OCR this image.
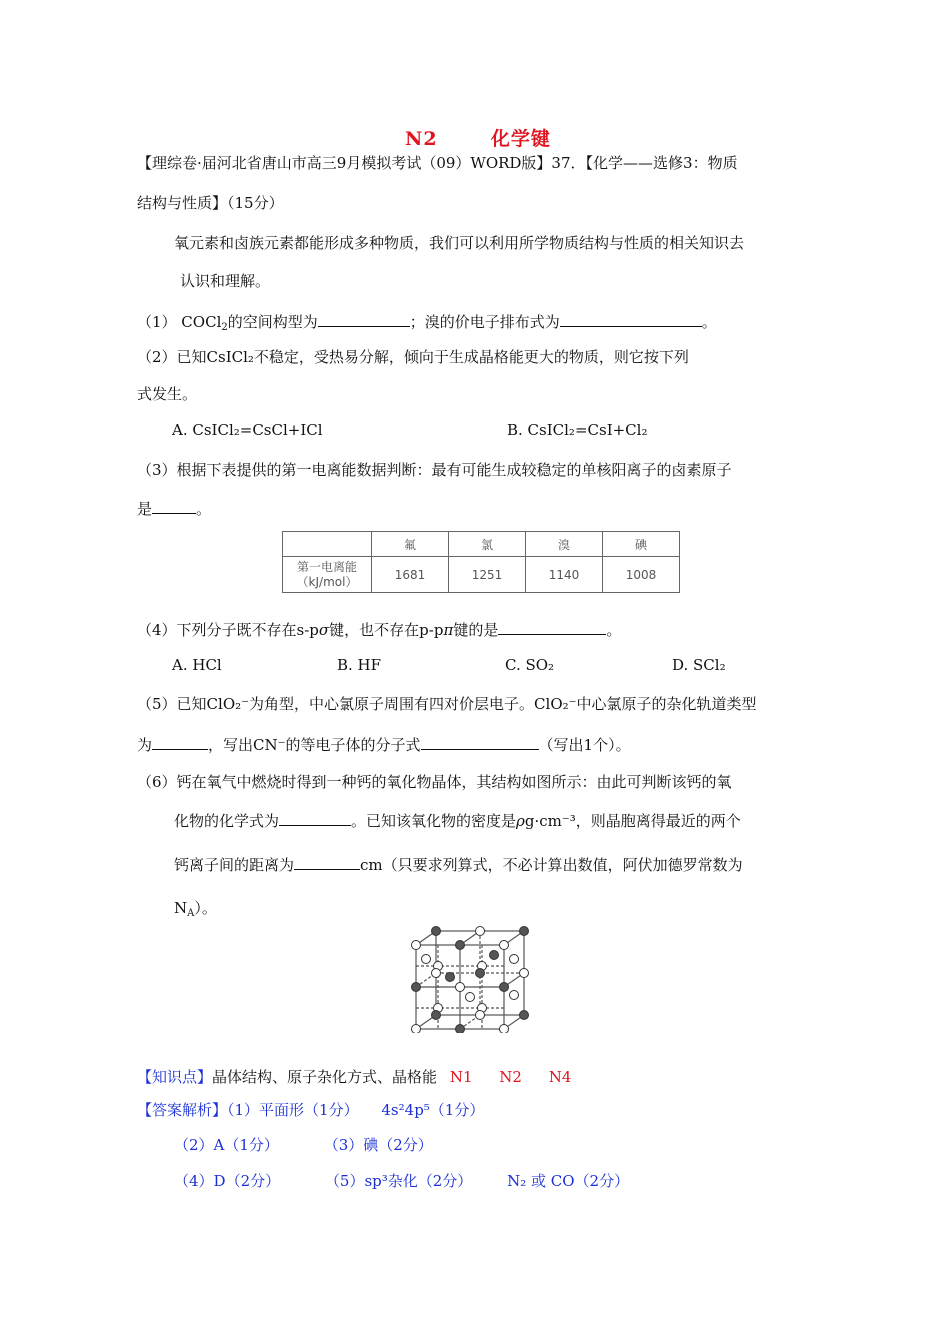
N2	化学键
【理综卷·届河北省唐山市高三9月模拟考试（09）WORD版】37．【化学——选修3：物质
结构与性质】（15分）
氧元素和卤族元素都能形成多种物质，我们可以利用所学物质结构与性质的相关知识去
认识和理解。
（1） COCl$_2$的空间构型为	；溴的价电子排布式为	。
（2）已知CsICl₂不稳定，受热易分解，倾向于生成晶格能更大的物质，则它按下列
式发生。
A. CsICl₂=CsCl+ICl	B. CsICl₂=CsI+Cl₂
（3）根据下表提供的第一电离能数据判断：最有可能生成较稳定的单核阳离子的卤素原子
是	。
	氟	氯	溴	碘

第一电离能
（kJ/mol）	1681	1251	1140	1008
（4）下列分子既不存在s-pσ键，也不存在p-pπ键的是	。
A. HCl	B. HF	C. SO₂	D. SCl₂
（5）已知ClO₂⁻为角型，中心氯原子周围有四对价层电子。ClO₂⁻中心氯原子的杂化轨道类型
为	，写出CN⁻的等电子体的分子式	（写出1个）。
（6）钙在氧气中燃烧时得到一种钙的氧化物晶体，其结构如图所示：由此可判断该钙的氧
化物的化学式为	。已知该氧化物的密度是ρg·cm⁻³，则晶胞离得最近的两个
钙离子间的距离为	cm（只要求列算式，不必计算出数值，阿伏加德罗常数为
$N_A$）。
【知识点】晶体结构、原子杂化方式、晶格能 N1 N2 N4
【答案解析】（1）平面形（1分） 4s²4p⁵（1分）
（2）A（1分）	（3）碘（2分）
（4）D（2分）	（5）sp³杂化（2分） N₂ 或 CO（2分）
